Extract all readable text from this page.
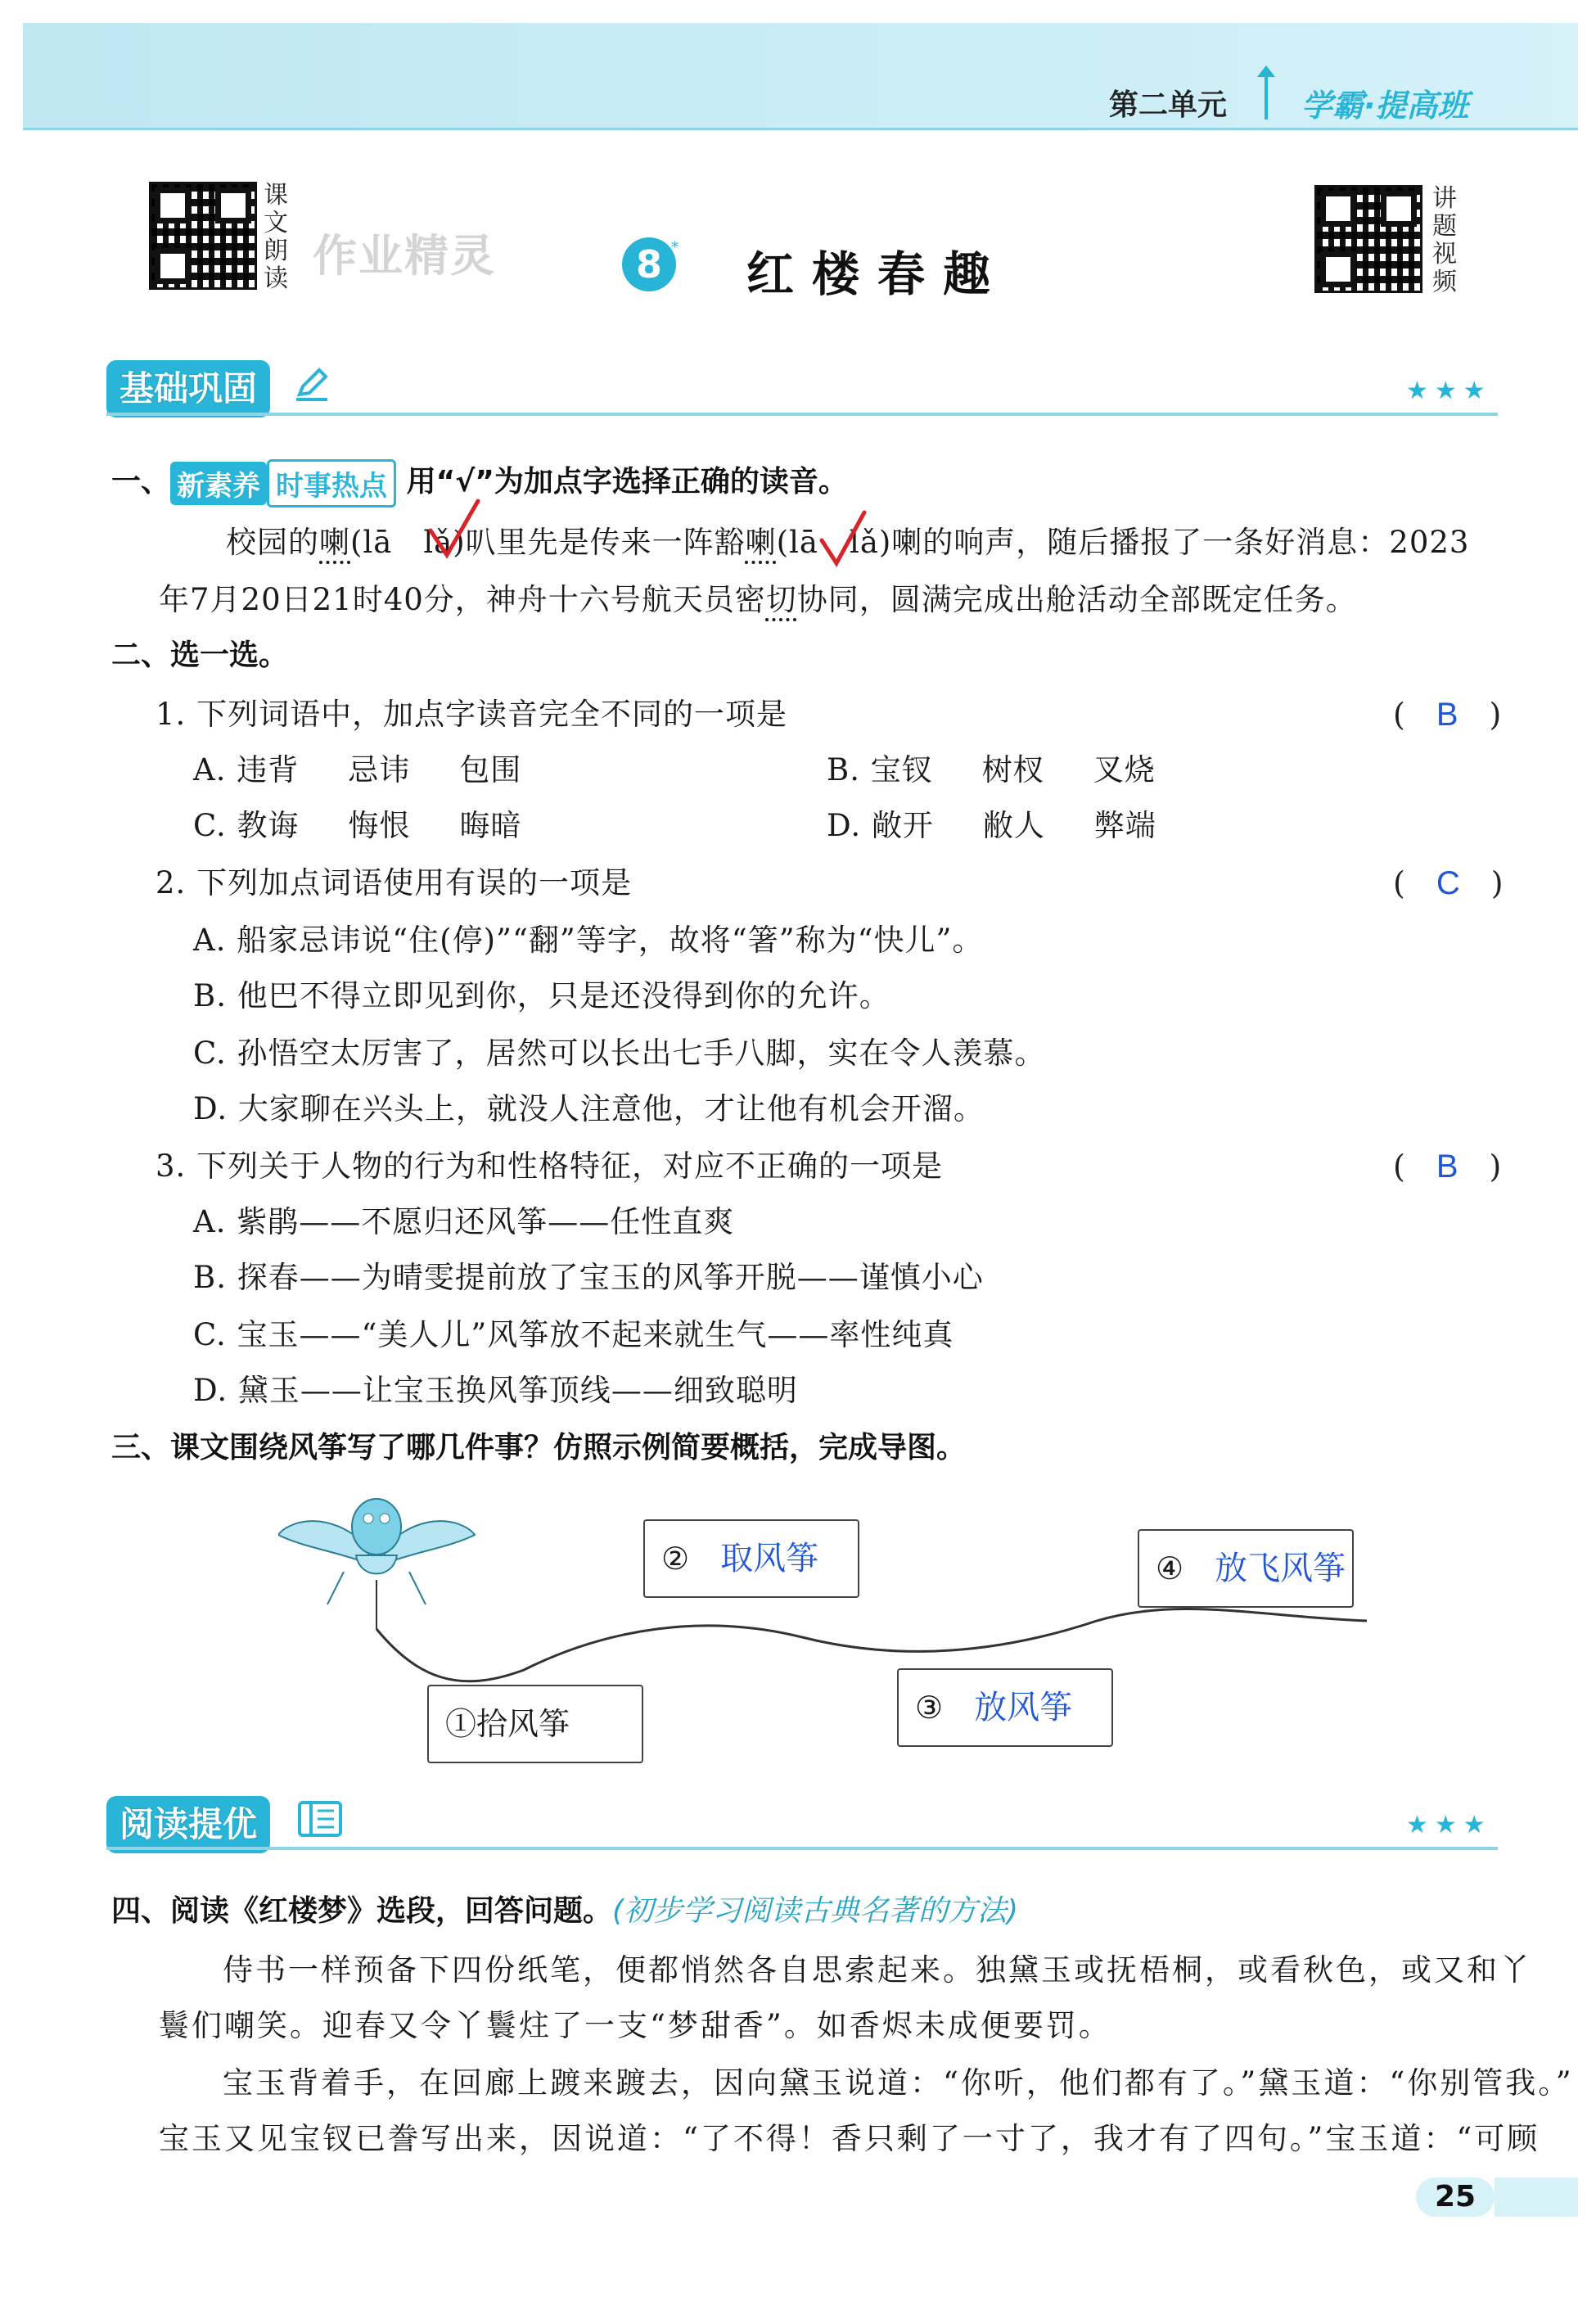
第二单元 学霸·提高班
课
文
朗
读 作业精灵	8 * 红楼春趣
讲
题
视
频
基础巩固	★★★
一、 新素养 时事热点 用“√”为加点字选择正确的读音。
校园的喇(lā　lǎ)叭里先是传来一阵豁喇(lā　lǎ)喇的响声，随后播报了一条好消息：2023
年7月20日21时40分，神舟十六号航天员密切协同，圆满完成出舱活动全部既定任务。
二、选一选。
1. 下列词语中，加点字读音完全不同的一项是	(　B　)
A. 违背 忌讳 包围	B. 宝钗 树杈 叉烧
C. 教诲 悔恨 晦暗	D. 敞开 敝人 弊端
2. 下列加点词语使用有误的一项是	(　C　)
A. 船家忌讳说“住(停)”“翻”等字，故将“箸”称为“快儿”。
B. 他巴不得立即见到你，只是还没得到你的允许。
C. 孙悟空太厉害了，居然可以长出七手八脚，实在令人羡慕。
D. 大家聊在兴头上，就没人注意他，才让他有机会开溜。
3. 下列关于人物的行为和性格特征，对应不正确的一项是	(　B　)
A. 紫鹃——不愿归还风筝——任性直爽
B. 探春——为晴雯提前放了宝玉的风筝开脱——谨慎小心
C. 宝玉——“美人儿”风筝放不起来就生气——率性纯真
D. 黛玉——让宝玉换风筝顶线——细致聪明
三、课文围绕风筝写了哪几件事？仿照示例简要概括，完成导图。
①拾风筝
②　 取风筝
③　 放风筝
④　 放飞风筝
阅读提优	★★★
四、阅读《红楼梦》选段，回答问题。(初步学习阅读古典名著的方法)
侍书一样预备下四份纸笔，便都悄然各自思索起来。独黛玉或抚梧桐，或看秋色，或又和丫
鬟们嘲笑。迎春又令丫鬟炷了一支“梦甜香”。如香烬未成便要罚。
宝玉背着手，在回廊上踱来踱去，因向黛玉说道：“你听，他们都有了。”黛玉道：“你别管我。”
宝玉又见宝钗已誊写出来，因说道：“了不得！香只剩了一寸了，我才有了四句。”宝玉道：“可顾
25
